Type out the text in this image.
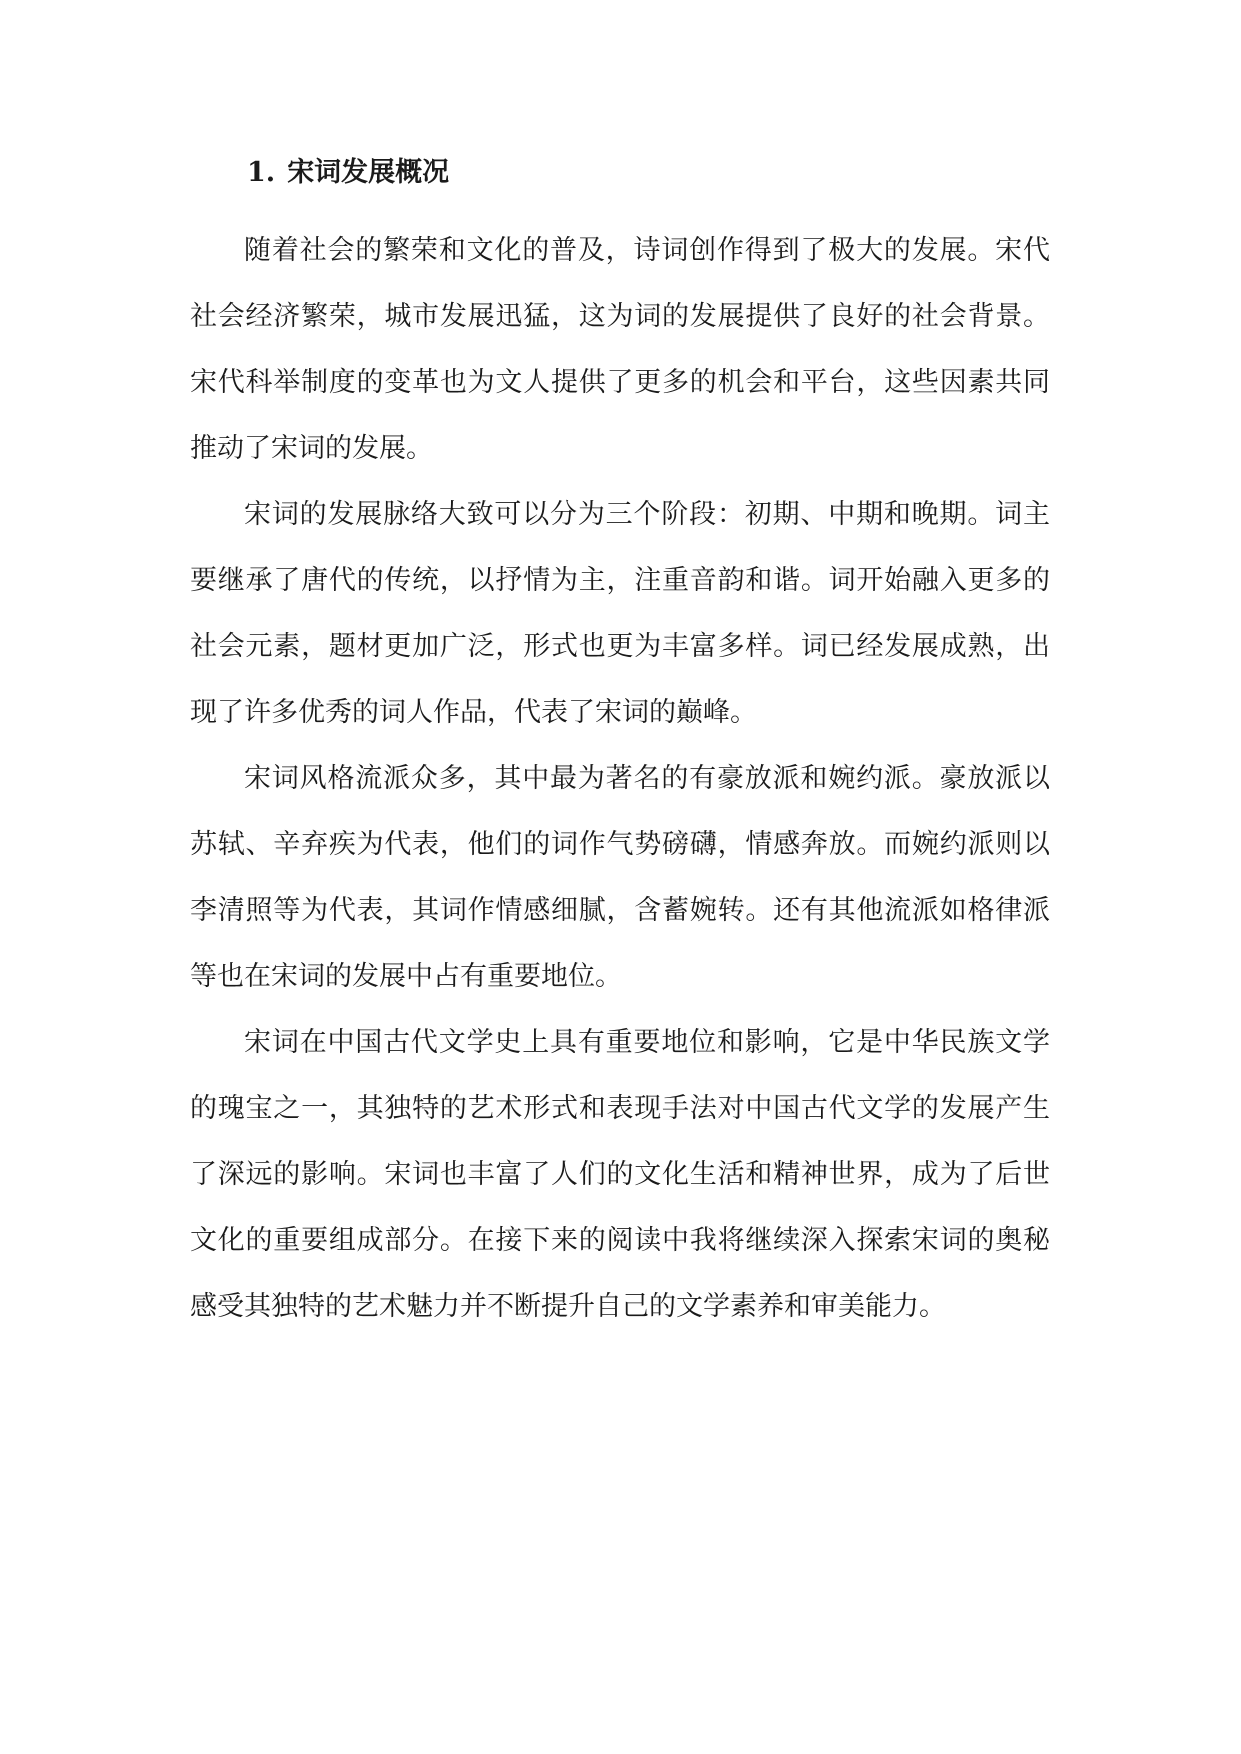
1. 宋词发展概况

随着社会的繁荣和文化的普及，诗词创作得到了极大的发展。宋代社会经济繁荣，城市发展迅猛，这为词的发展提供了良好的社会背景。宋代科举制度的变革也为文人提供了更多的机会和平台，这些因素共同推动了宋词的发展。

宋词的发展脉络大致可以分为三个阶段：初期、中期和晚期。词主要继承了唐代的传统，以抒情为主，注重音韵和谐。词开始融入更多的社会元素，题材更加广泛，形式也更为丰富多样。词已经发展成熟，出现了许多优秀的词人作品，代表了宋词的巅峰。

宋词风格流派众多，其中最为著名的有豪放派和婉约派。豪放派以苏轼、辛弃疾为代表，他们的词作气势磅礴，情感奔放。而婉约派则以李清照等为代表，其词作情感细腻，含蓄婉转。还有其他流派如格律派等也在宋词的发展中占有重要地位。

宋词在中国古代文学史上具有重要地位和影响，它是中华民族文学的瑰宝之一，其独特的艺术形式和表现手法对中国古代文学的发展产生了深远的影响。宋词也丰富了人们的文化生活和精神世界，成为了后世文化的重要组成部分。在接下来的阅读中我将继续深入探索宋词的奥秘感受其独特的艺术魅力并不断提升自己的文学素养和审美能力。
